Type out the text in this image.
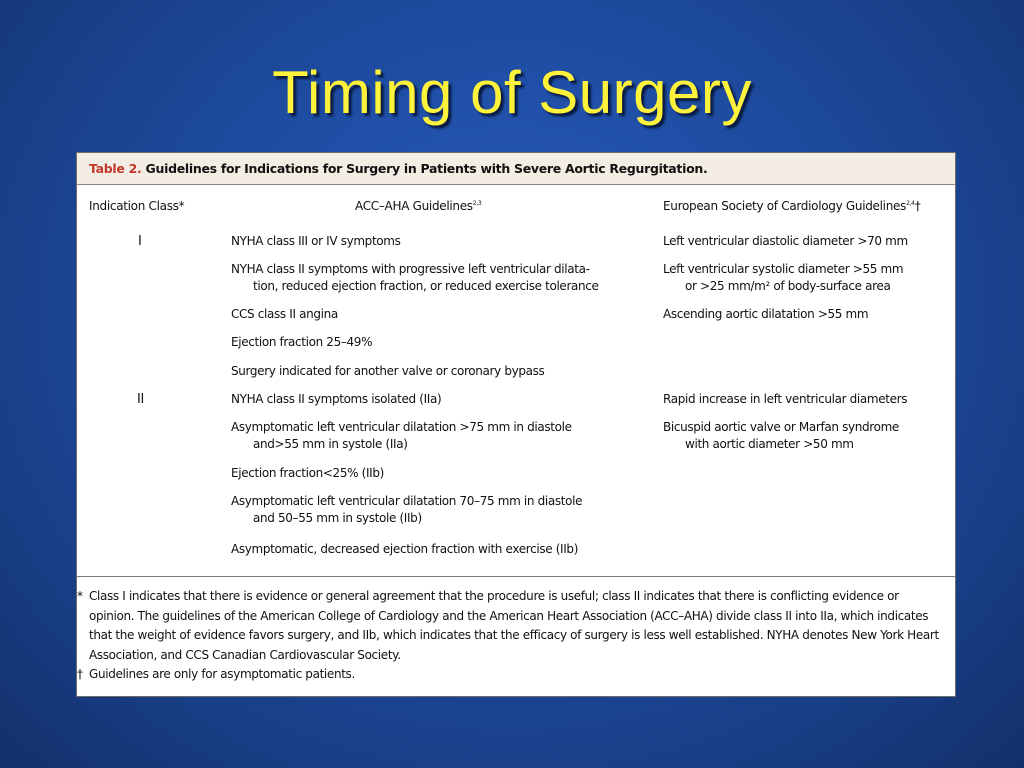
Timing of Surgery
Table 2. Guidelines for Indications for Surgery in Patients with Severe Aortic Regurgitation.
Indication Class*	ACC–AHA Guidelines$^{2,3}$	European Society of Cardiology Guidelines$^{2,4}$†
I
II
NYHA class III or IV symptoms
NYHA class II symptoms with progressive left ventricular dilata-
tion, reduced ejection fraction, or reduced exercise tolerance
CCS class II angina
Ejection fraction 25–49%
Surgery indicated for another valve or coronary bypass
NYHA class II symptoms isolated (IIa)
Asymptomatic left ventricular dilatation >75 mm in diastole
and>55 mm in systole (IIa)
Ejection fraction<25% (IIb)
Asymptomatic left ventricular dilatation 70–75 mm in diastole
and 50–55 mm in systole (IIb)
Asymptomatic, decreased ejection fraction with exercise (IIb)
Left ventricular diastolic diameter >70 mm
Left ventricular systolic diameter >55 mm
or >25 mm/m² of body-surface area
Ascending aortic dilatation >55 mm
Rapid increase in left ventricular diameters
Bicuspid aortic valve or Marfan syndrome
with aortic diameter >50 mm
* Class I indicates that there is evidence or general agreement that the procedure is useful; class II indicates that there is conflicting evidence or opinion. The guidelines of the American College of Cardiology and the American Heart Association (ACC–AHA) divide class II into IIa, which indicates that the weight of evidence favors surgery, and IIb, which indicates that the efficacy of surgery is less well established. NYHA denotes New York Heart Association, and CCS Canadian Cardiovascular Society.
† Guidelines are only for asymptomatic patients.
